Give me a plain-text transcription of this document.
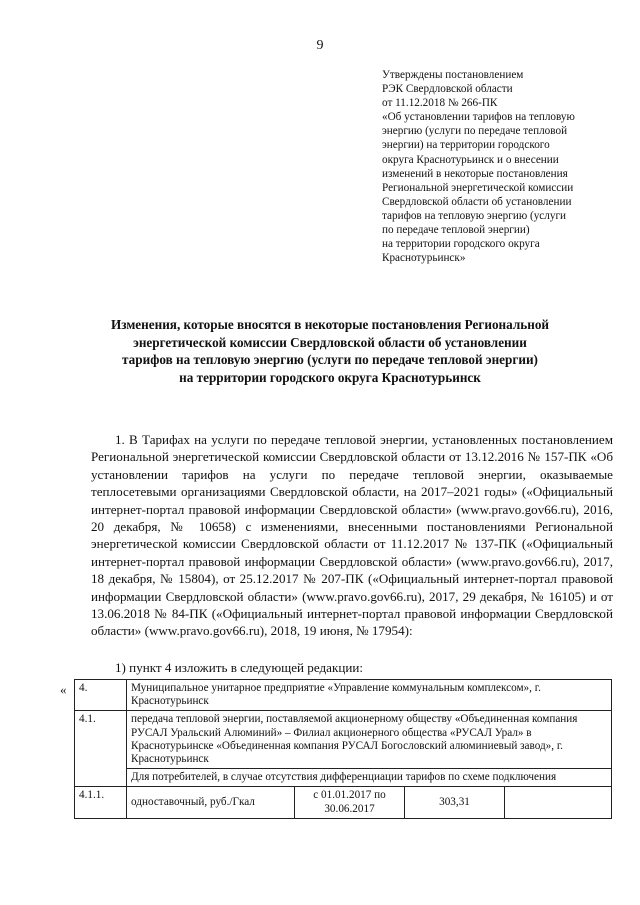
9
Утверждены постановлением
РЭК Свердловской области
от 11.12.2018 № 266-ПК
«Об установлении тарифов на тепловую
энергию (услуги по передаче тепловой
энергии) на территории городского
округа Краснотурьинск и о внесении
изменений в некоторые постановления
Региональной энергетической комиссии
Свердловской области об установлении
тарифов на тепловую энергию (услуги
по передаче тепловой энергии)
на территории городского округа
Краснотурьинск»
Изменения, которые вносятся в некоторые постановления Региональной
энергетической комиссии Свердловской области об установлении
тарифов на тепловую энергию (услуги по передаче тепловой энергии)
на территории городского округа Краснотурьинск

1. В Тарифах на услуги по передаче тепловой энергии, установленных постановлением Региональной энергетической комиссии Свердловской области от 13.12.2016 № 157-ПК «Об установлении тарифов на услуги по передаче тепловой энергии, оказываемые теплосетевыми организациями Свердловской области, на 2017–2021 годы» («Официальный интернет-портал правовой информации Свердловской области» (www.pravo.gov66.ru), 2016, 20 декабря, № 10658) с изменениями, внесенными постановлениями Региональной энергетической комиссии Свердловской области от 11.12.2017 № 137-ПК («Официальный интернет-портал правовой информации Свердловской области» (www.pravo.gov66.ru), 2017, 18 декабря, № 15804), от 25.12.2017 № 207-ПК («Официальный интернет-портал правовой информации Свердловской области» (www.pravo.gov66.ru), 2017, 29 декабря, № 16105) и от 13.06.2018 № 84-ПК («Официальный интернет-портал правовой информации Свердловской области» (www.pravo.gov66.ru), 2018, 19 июня, № 17954):

1) пункт 4 изложить в следующей редакции:
« 4.	Муниципальное унитарное предприятие «Управление коммунальным комплексом», г. Краснотурьинск			
4.1.	передача тепловой энергии, поставляемой акционерному обществу «Объединенная компания РУСАЛ Уральский Алюминий» – Филиал акционерного общества «РУСАЛ Урал» в Краснотурьинске «Объединенная компания РУСАЛ Богословский алюминиевый завод», г. Краснотурьинск			
	Для потребителей, в случае отсутствия дифференциации тарифов по схеме подключения			
4.1.1.	одноставочный, руб./Гкал	с 01.01.2017 по 30.06.2017	303,31	
